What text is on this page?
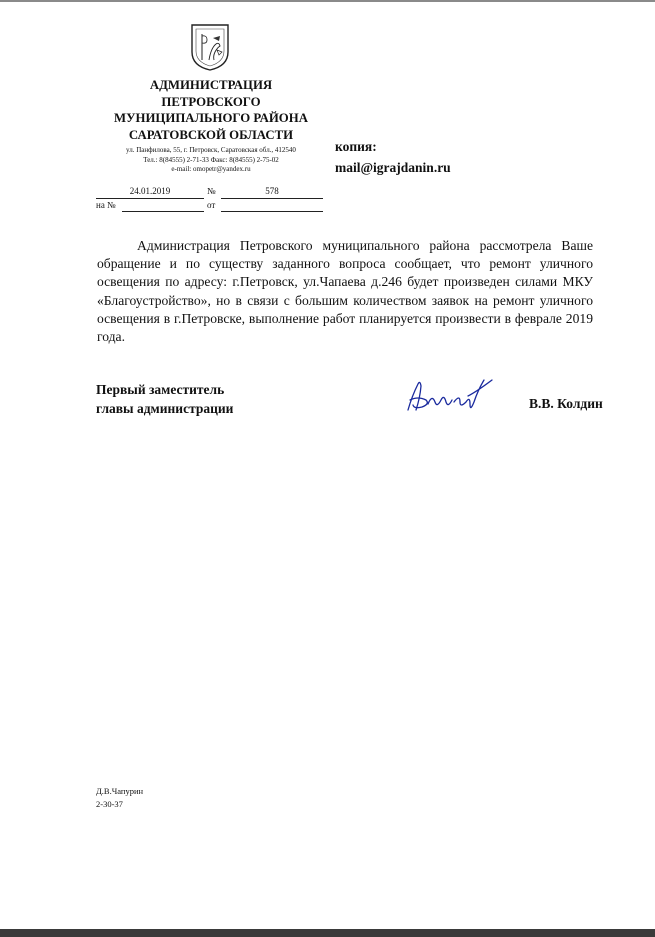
АДМИНИСТРАЦИЯ
ПЕТРОВСКОГО
МУНИЦИПАЛЬНОГО РАЙОНА
САРАТОВСКОЙ ОБЛАСТИ
ул. Панфилова, 55, г. Петровск, Саратовская обл., 412540
Тел.: 8(84555) 2-71-33 Факс: 8(84555) 2-75-02
e-mail: omopetr@yandex.ru
копия:
mail@igrajdanin.ru
24.01.2019	№	578
на №	от

Администрация Петровского муниципального района рассмотрела Ваше обращение и по существу заданного вопроса сообщает, что ремонт уличного освещения по адресу: г.Петровск, ул.Чапаева д.246 будет произведен силами МКУ «Благоустройство», но в связи с большим количеством заявок на ремонт уличного освещения в г.Петровске, выполнение работ планируется произвести в феврале 2019 года.

Первый заместитель
главы администрации	В.В. Колдин
Д.В.Чапурин
2-30-37
